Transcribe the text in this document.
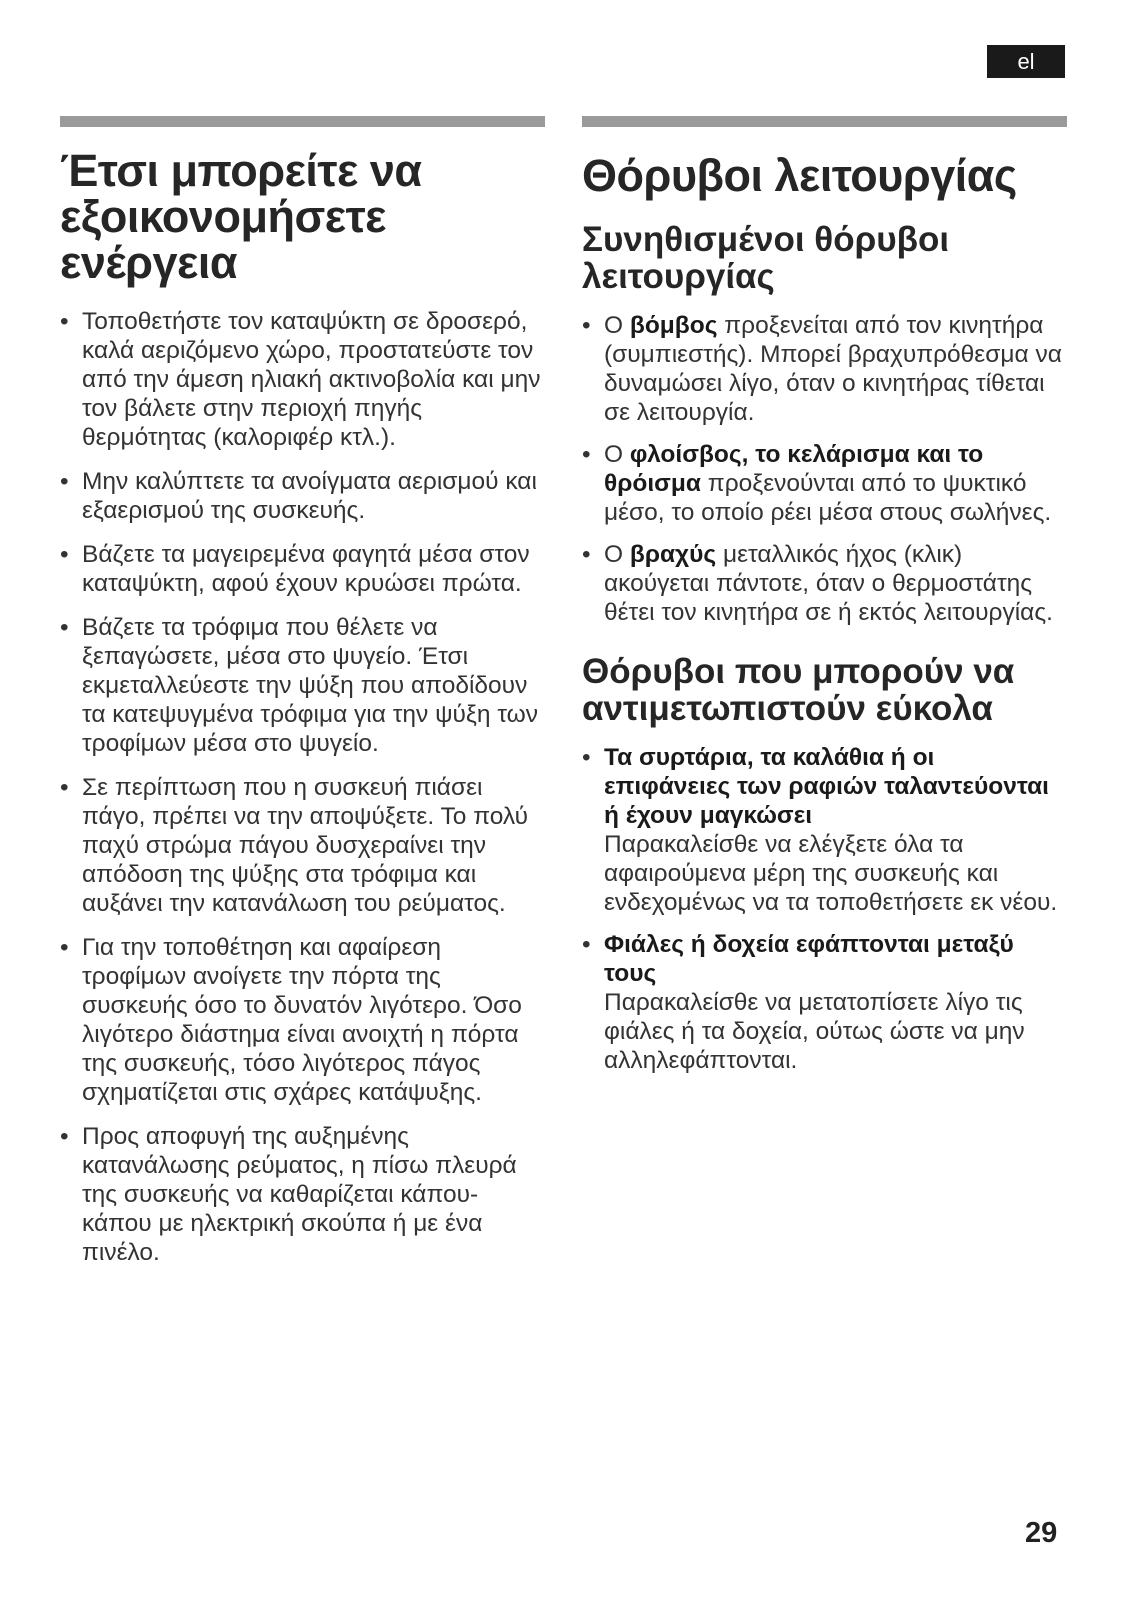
el
Έτσι μπορείτε να
εξοικονομήσετε
ενέργεια
• Τοποθετήστε τον καταψύκτη σε δροσερό, καλά αεριζόμενο χώρο, προστατεύστε τον από την άμεση ηλιακή ακτινοβολία και μην τον βάλετε στην περιοχή πηγής θερμότητας (καλοριφέρ κτλ.).
• Μην καλύπτετε τα ανοίγματα αερισμού και εξαερισμού της συσκευής.
• Βάζετε τα μαγειρεμένα φαγητά μέσα στον καταψύκτη, αφού έχουν κρυώσει πρώτα.
• Βάζετε τα τρόφιμα που θέλετε να ξεπαγώσετε, μέσα στο ψυγείο. Έτσι εκμεταλλεύεστε την ψύξη που αποδίδουν τα κατεψυγμένα τρόφιμα για την ψύξη των τροφίμων μέσα στο ψυγείο.
• Σε περίπτωση που η συσκευή πιάσει πάγο, πρέπει να την αποψύξετε. Το πολύ παχύ στρώμα πάγου δυσχεραίνει την απόδοση της ψύξης στα τρόφιμα και αυξάνει την κατανάλωση του ρεύματος.
• Για την τοποθέτηση και αφαίρεση τροφίμων ανοίγετε την πόρτα της συσκευής όσο το δυνατόν λιγότερο. Όσο λιγότερο διάστημα είναι ανοιχτή η πόρτα της συσκευής, τόσο λιγότερος πάγος σχηματίζεται στις σχάρες κατάψυξης.
• Προς αποφυγή της αυξημένης κατανάλωσης ρεύματος, η πίσω πλευρά της συσκευής να καθαρίζεται κάπου-κάπου με ηλεκτρική σκούπα ή με ένα πινέλο.
Θόρυβοι λειτουργίας
Συνηθισμένοι θόρυβοι
λειτουργίας
• Ο βόμβος προξενείται από τον κινητήρα (συμπιεστής). Μπορεί βραχυπρόθεσμα να δυναμώσει λίγο, όταν ο κινητήρας τίθεται σε λειτουργία.
• Ο φλοίσβος, το κελάρισμα και το θρόισμα προξενούνται από το ψυκτικό μέσο, το οποίο ρέει μέσα στους σωλήνες.
• Ο βραχύς μεταλλικός ήχος (κλικ) ακούγεται πάντοτε, όταν ο θερμοστάτης θέτει τον κινητήρα σε ή εκτός λειτουργίας.
Θόρυβοι που μπορούν να
αντιμετωπιστούν εύκολα
• Τα συρτάρια, τα καλάθια ή οι επιφάνειες των ραφιών ταλαντεύονται ή έχουν μαγκώσει
Παρακαλείσθε να ελέγξετε όλα τα αφαιρούμενα μέρη της συσκευής και ενδεχομένως να τα τοποθετήσετε εκ νέου.
• Φιάλες ή δοχεία εφάπτονται μεταξύ τους
Παρακαλείσθε να μετατοπίσετε λίγο τις φιάλες ή τα δοχεία, ούτως ώστε να μην αλληλεφάπτονται.
29
